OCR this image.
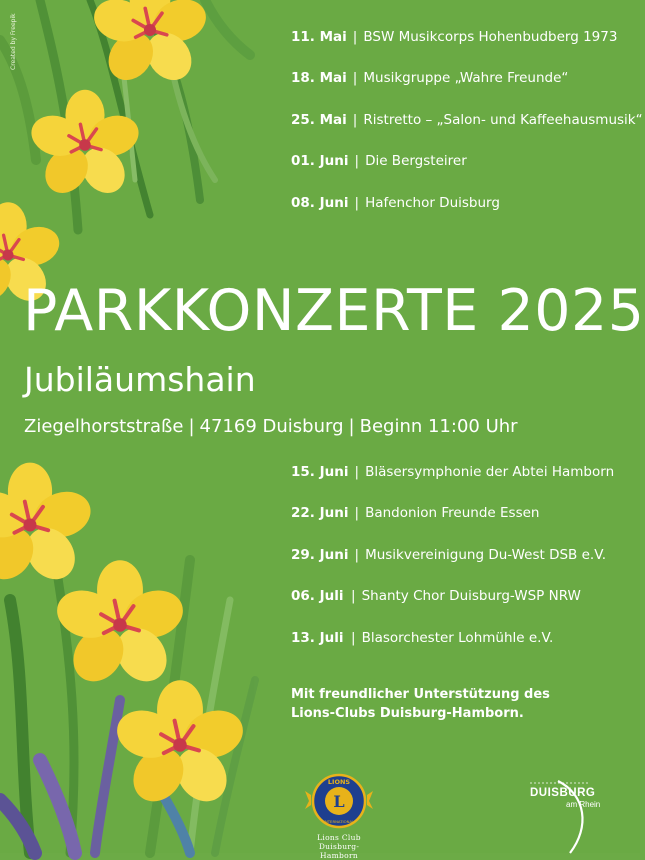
Created by Freepik	11. Mai | BSW Musikcorps Hohenbudberg 1973
18. Mai | Musikgruppe „Wahre Freunde“
25. Mai | Ristretto – „Salon- und Kaffeehausmusik“
01. Juni | Die Bergsteirer
08. Juni | Hafenchor Duisburg
PARKKONZERTE 2025
Jubiläumshain
Ziegelhorststraße | 47169 Duisburg | Beginn 11:00 Uhr
15. Juni | Bläsersymphonie der Abtei Hamborn
22. Juni | Bandonion Freunde Essen
29. Juni | Musikvereinigung Du-West DSB e.V.
06. Juli | Shanty Chor Duisburg-WSP NRW
13. Juli | Blasorchester Lohmühle e.V.
Mit freundlicher Unterstützung des
Lions-Clubs Duisburg-Hamborn.
L
LIONS
INTERNATIONAL
Lions Club
Duisburg-Hamborn
DUISBURG
am Rhein
